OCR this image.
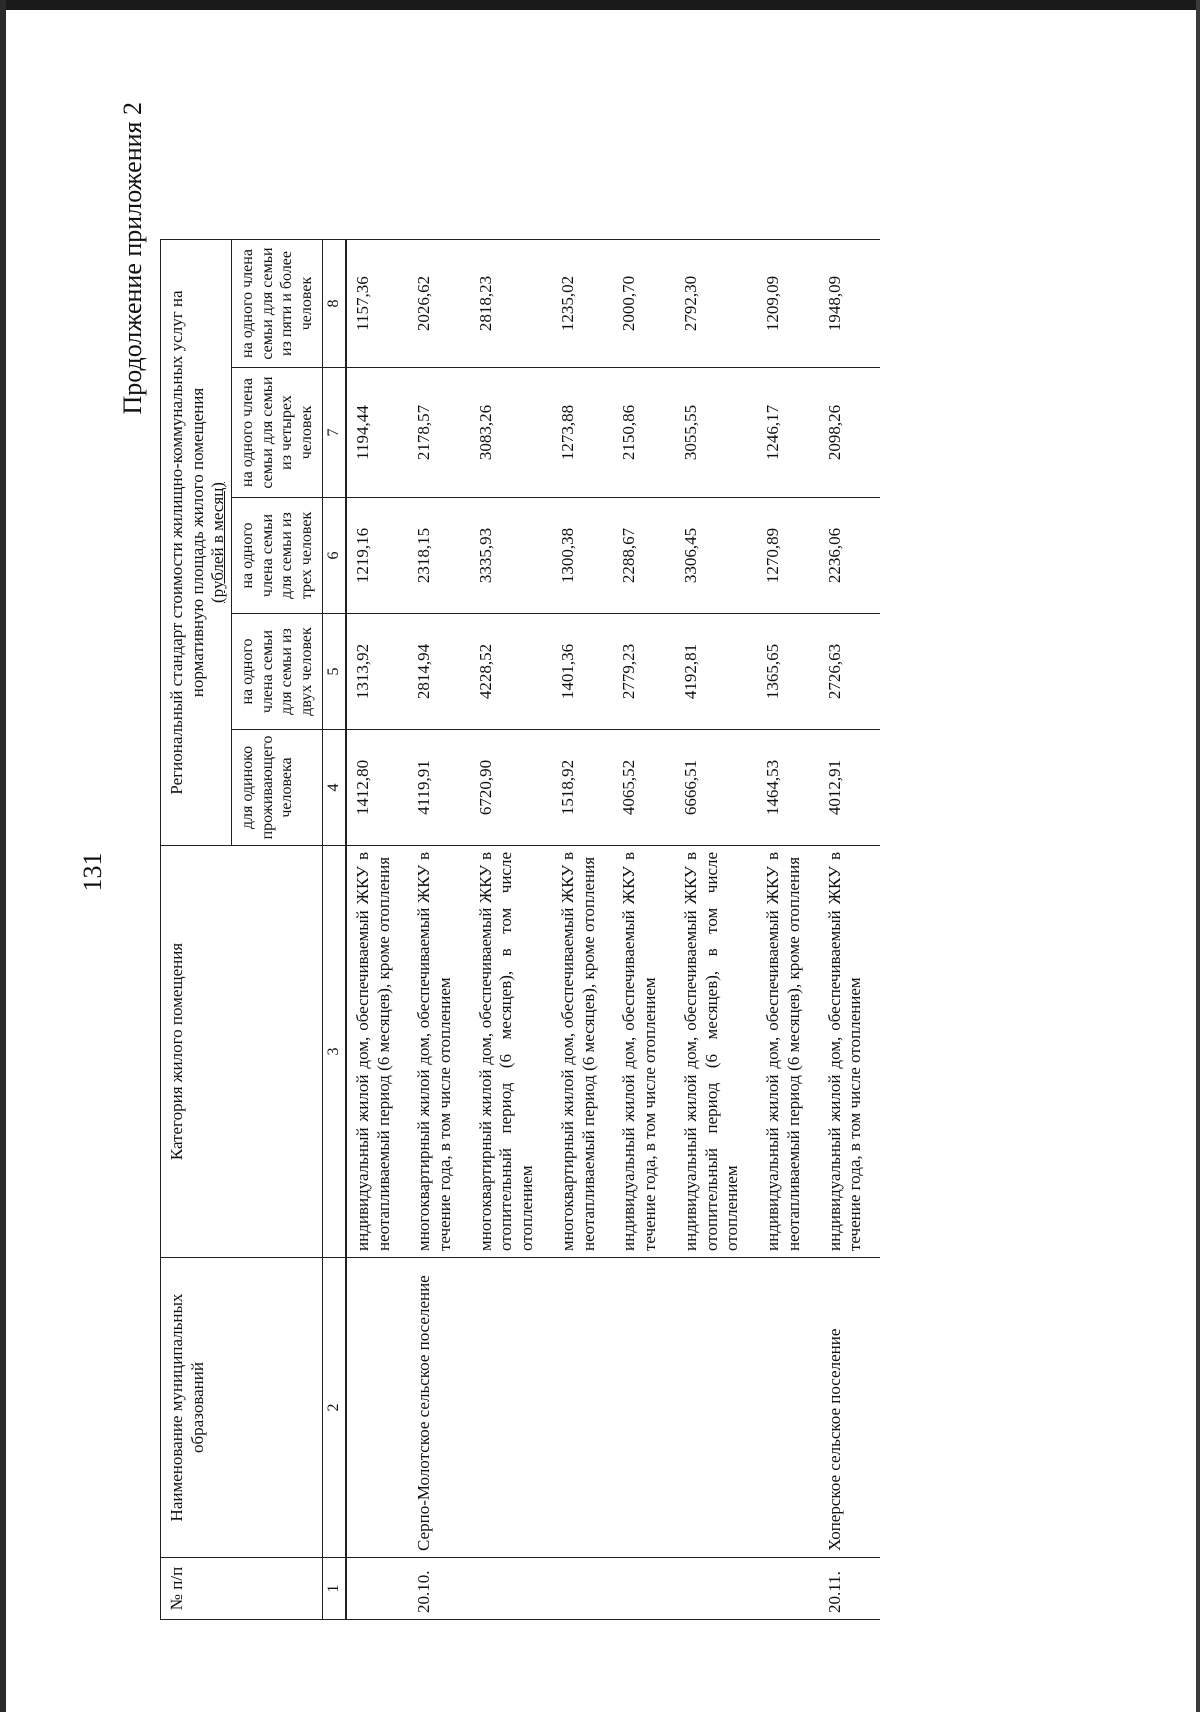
131
Продолжение приложения 2
№ п/п	Наименование муниципальных образований	Категория жилого помещения	Региональный стандарт стоимости жилищно-коммунальных услуг на нормативную площадь жилого помещения (рублей в месяц)				

			для одиноко проживающего человека	на одного члена семьи для семьи из двух человек	на одного члена семьи для семьи из трех человек	на одного члена семьи для семьи из четырех человек	на одного члена семьи для семьи из пяти и более человек
1	2	3	4	5	6	7	8
		индивидуальный жилой дом, обеспечиваемый ЖКУ в неотапливаемый период (6 месяцев), кроме отопления	1412,80	1313,92	1219,16	1194,44	1157,36
20.10.	Серпо-Молотское сельское поселение	многоквартирный жилой дом, обеспечиваемый ЖКУ в течение года, в том числе отоплением	4119,91	2814,94	2318,15	2178,57	2026,62
		многоквартирный жилой дом, обеспечиваемый ЖКУ в отопительный период (6 месяцев), в том числе отоплением	6720,90	4228,52	3335,93	3083,26	2818,23
		многоквартирный жилой дом, обеспечиваемый ЖКУ в неотапливаемый период (6 месяцев), кроме отопления	1518,92	1401,36	1300,38	1273,88	1235,02
		индивидуальный жилой дом, обеспечиваемый ЖКУ в течение года, в том числе отоплением	4065,52	2779,23	2288,67	2150,86	2000,70
		индивидуальный жилой дом, обеспечиваемый ЖКУ в отопительный период (6 месяцев), в том числе отоплением	6666,51	4192,81	3306,45	3055,55	2792,30
		индивидуальный жилой дом, обеспечиваемый ЖКУ в неотапливаемый период (6 месяцев), кроме отопления	1464,53	1365,65	1270,89	1246,17	1209,09
20.11.	Хоперское сельское поселение	индивидуальный жилой дом, обеспечиваемый ЖКУ в течение года, в том числе отоплением	4012,91	2726,63	2236,06	2098,26	1948,09
